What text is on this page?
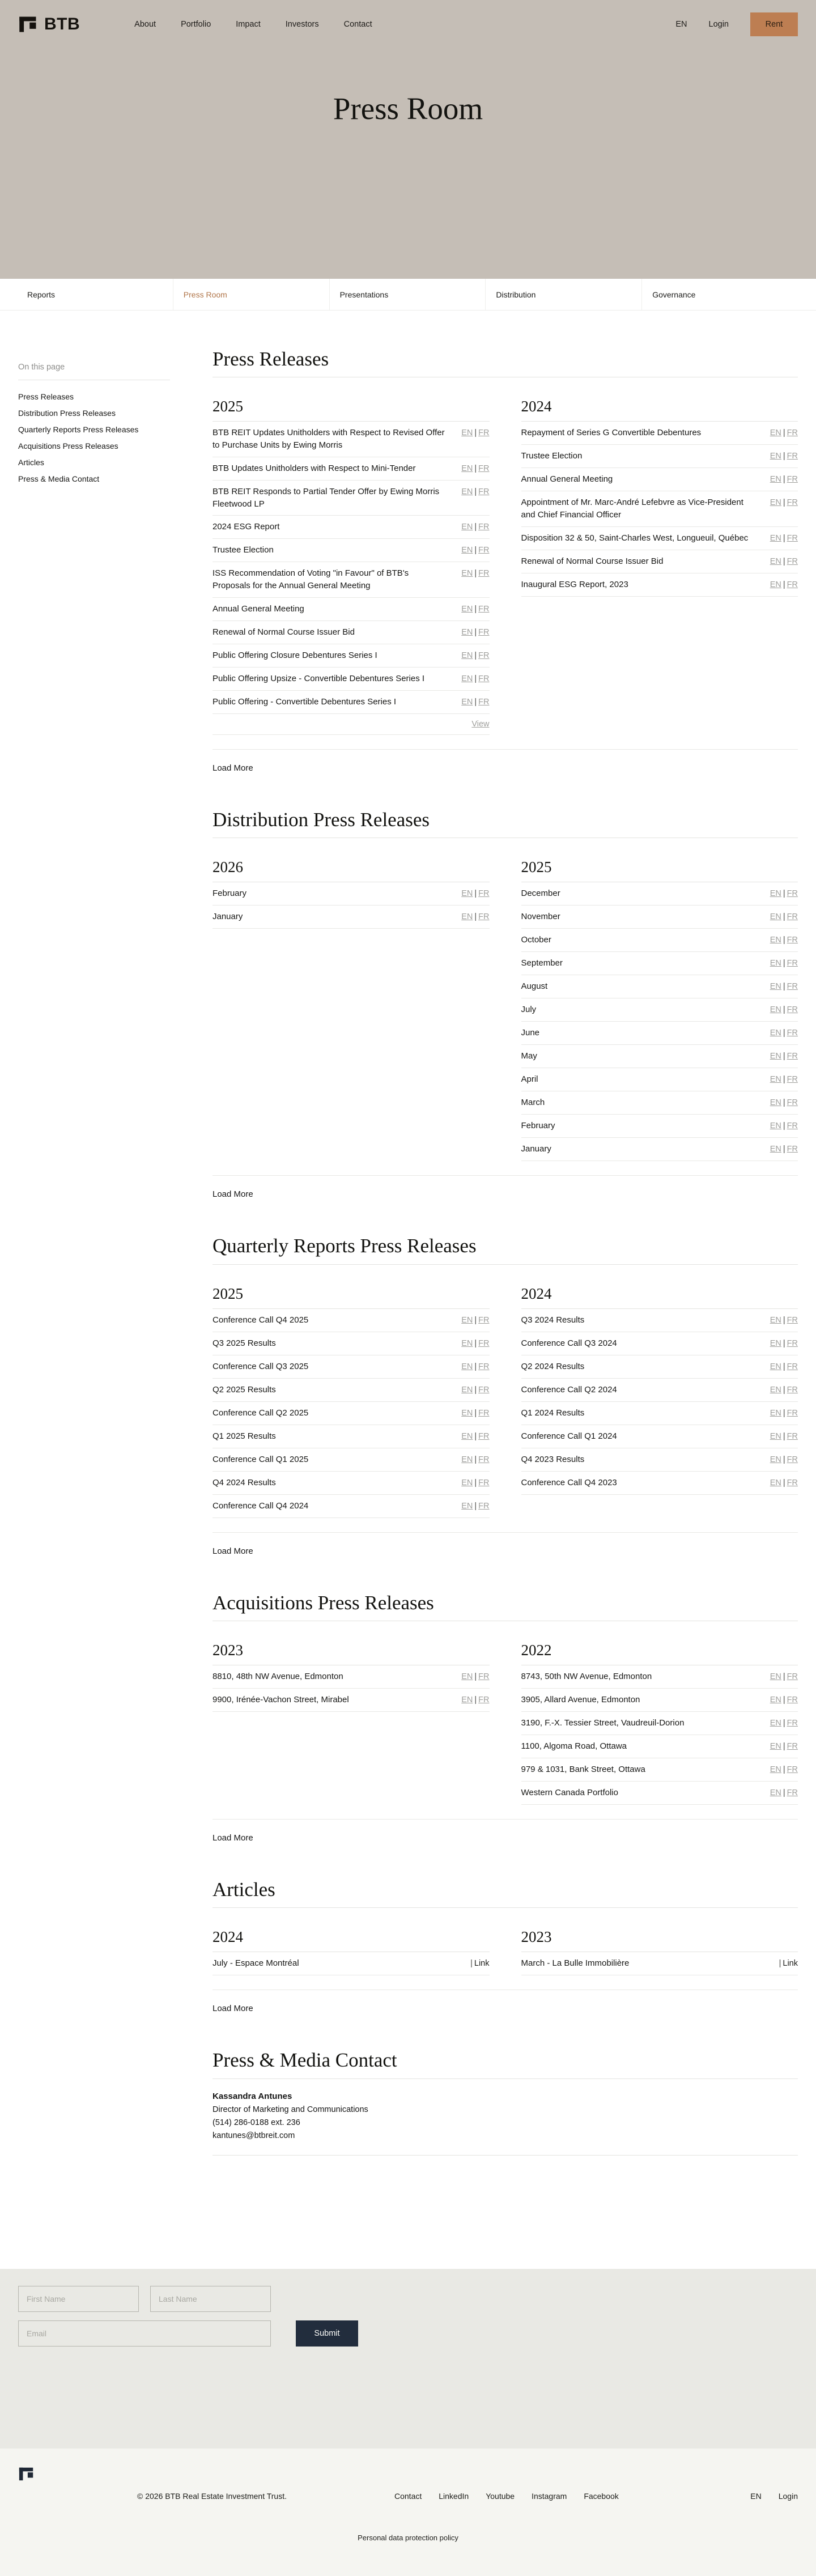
BTB	About	Portfolio	Impact	Investors	Contact	EN	Login	Rent
Press Room
Reports	Press Room	Presentations	Distribution	Governance
On this page
Press Releases
Distribution Press Releases
Quarterly Reports Press Releases
Acquisitions Press Releases
Articles
Press & Media Contact
Press Releases
2025
BTB REIT Updates Unitholders with Respect to Revised Offer to Purchase Units by Ewing Morris
EN | FR
BTB Updates Unitholders with Respect to Mini-Tender	EN | FR
BTB REIT Responds to Partial Tender Offer by Ewing Morris Fleetwood LP
EN | FR
2024 ESG Report	EN | FR
Trustee Election	EN | FR
ISS Recommendation of Voting "in Favour" of BTB's Proposals for the Annual General Meeting
EN | FR
Annual General Meeting	EN | FR
Renewal of Normal Course Issuer Bid	EN | FR
Public Offering Closure Debentures Series I	EN | FR
Public Offering Upsize - Convertible Debentures Series I	EN | FR
Public Offering - Convertible Debentures Series I	EN | FR
View
2024
Repayment of Series G Convertible Debentures	EN | FR
Trustee Election	EN | FR
Annual General Meeting	EN | FR
Appointment of Mr. Marc-André Lefebvre as Vice-President and Chief Financial Officer
EN | FR
Disposition 32 & 50, Saint-Charles West, Longueuil, Québec	EN | FR
Renewal of Normal Course Issuer Bid	EN | FR
Inaugural ESG Report, 2023	EN | FR
Load More
Distribution Press Releases
2026
February	EN | FR
January	EN | FR
2025
December	EN | FR
November	EN | FR
October	EN | FR
September	EN | FR
August	EN | FR
July	EN | FR
June	EN | FR
May	EN | FR
April	EN | FR
March	EN | FR
February	EN | FR
January	EN | FR
Load More
Quarterly Reports Press Releases
2025
Conference Call Q4 2025	EN | FR
Q3 2025 Results	EN | FR
Conference Call Q3 2025	EN | FR
Q2 2025 Results	EN | FR
Conference Call Q2 2025	EN | FR
Q1 2025 Results	EN | FR
Conference Call Q1 2025	EN | FR
Q4 2024 Results	EN | FR
Conference Call Q4 2024	EN | FR
2024
Q3 2024 Results	EN | FR
Conference Call Q3 2024	EN | FR
Q2 2024 Results	EN | FR
Conference Call Q2 2024	EN | FR
Q1 2024 Results	EN | FR
Conference Call Q1 2024	EN | FR
Q4 2023 Results	EN | FR
Conference Call Q4 2023	EN | FR
Load More
Acquisitions Press Releases
2023
8810, 48th NW Avenue, Edmonton	EN | FR
9900, Irénée-Vachon Street, Mirabel	EN | FR
2022
8743, 50th NW Avenue, Edmonton	EN | FR
3905, Allard Avenue, Edmonton	EN | FR
3190, F.-X. Tessier Street, Vaudreuil-Dorion	EN | FR
1100, Algoma Road, Ottawa	EN | FR
979 & 1031, Bank Street, Ottawa	EN | FR
Western Canada Portfolio	EN | FR
Load More
Articles
2024
July - Espace Montréal	| Link
2023
March - La Bulle Immobilière	| Link
Load More
Press & Media Contact

Kassandra Antunes

Director of Marketing and Communications

(514) 286-0188 ext. 236

kantunes@btbreit.com

First Name
Last Name
Email
Submit
© 2026 BTB Real Estate Investment Trust.	Contact LinkedIn Youtube Instagram Facebook	EN Login
Personal data protection policy
